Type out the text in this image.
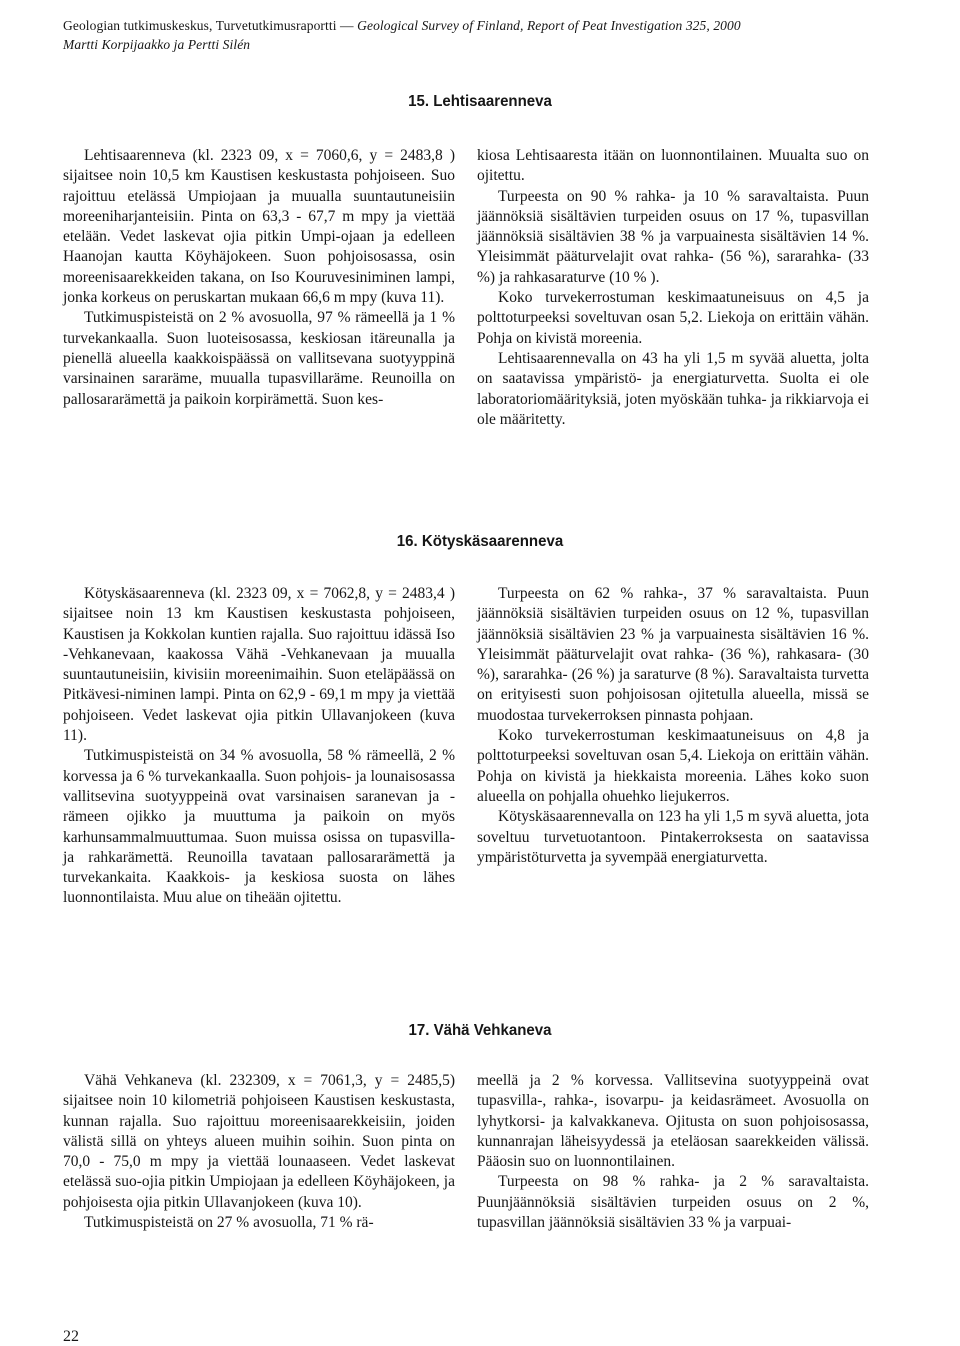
Geologian tutkimuskeskus, Turvetutkimusraportti — Geological Survey of Finland, Report of Peat Investigation 325, 2000
Martti Korpijaakko ja Pertti Silén
15. Lehtisaarenneva

Lehtisaarenneva (kl. 2323 09, x = 7060,6, y = 2483,8 ) sijaitsee noin 10,5 km Kaustisen keskustasta pohjoiseen. Suo rajoittuu etelässä Umpiojaan ja muualla suuntautuneisiin moreeniharjanteisiin. Pinta on 63,3 - 67,7 m mpy ja viettää etelään. Vedet laskevat ojia pitkin Umpi-ojaan ja edelleen Haanojan kautta Köyhäjokeen. Suon pohjoisosassa, osin moreenisaarekkeiden takana, on Iso Kouruvesiniminen lampi, jonka korkeus on peruskartan mukaan 66,6 m mpy (kuva 11).

Tutkimuspisteistä on 2 % avosuolla, 97 % rämeellä ja 1 % turvekankaalla. Suon luoteisosassa, keskiosan itäreunalla ja pienellä alueella kaakkoispäässä on vallitsevana suotyyppinä varsinainen sararäme, muualla tupasvillaräme. Reunoilla on pallosararämettä ja paikoin korpirämettä. Suon kes-

kiosa Lehtisaaresta itään on luonnontilainen. Muualta suo on ojitettu.

Turpeesta on 90 % rahka- ja 10 % saravaltaista. Puun jäännöksiä sisältävien turpeiden osuus on 17 %, tupasvillan jäännöksiä sisältävien 38 % ja varpuainesta sisältävien 14 %. Yleisimmät pääturvelajit ovat rahka- (56 %), sararahka- (33 %) ja rahkasaraturve (10 % ).

Koko turvekerrostuman keskimaatuneisuus on 4,5 ja polttoturpeeksi soveltuvan osan 5,2. Liekoja on erittäin vähän. Pohja on kivistä moreenia.

Lehtisaarennevalla on 43 ha yli 1,5 m syvää aluetta, jolta on saatavissa ympäristö- ja energiaturvetta. Suolta ei ole laboratoriomäärityksiä, joten myöskään tuhka- ja rikkiarvoja ei ole määritetty.

16. Kötyskäsaarenneva

Kötyskäsaarenneva (kl. 2323 09, x = 7062,8, y = 2483,4 ) sijaitsee noin 13 km Kaustisen keskustasta pohjoiseen, Kaustisen ja Kokkolan kuntien rajalla. Suo rajoittuu idässä Iso -Vehkanevaan, kaakossa Vähä -Vehkanevaan ja muualla suuntautuneisiin, kivisiin moreenimaihin. Suon eteläpäässä on Pitkävesi-niminen lampi. Pinta on 62,9 - 69,1 m mpy ja viettää pohjoiseen. Vedet laskevat ojia pitkin Ullavanjokeen (kuva 11).

Tutkimuspisteistä on 34 % avosuolla, 58 % rämeellä, 2 % korvessa ja 6 % turvekankaalla. Suon pohjois- ja lounaisosassa vallitsevina suotyyppeinä ovat varsinaisen saranevan ja -rämeen ojikko ja muuttuma ja paikoin on myös karhunsammalmuuttumaa. Suon muissa osissa on tupasvilla- ja rahkarämettä. Reunoilla tavataan pallosararämettä ja turvekankaita. Kaakkois- ja keskiosa suosta on lähes luonnontilaista. Muu alue on tiheään ojitettu.

Turpeesta on 62 % rahka-, 37 % saravaltaista. Puun jäännöksiä sisältävien turpeiden osuus on 12 %, tupasvillan jäännöksiä sisältävien 23 % ja varpuainesta sisältävien 16 %. Yleisimmät pääturvelajit ovat rahka- (36 %), rahkasara- (30 %), sararahka- (26 %) ja saraturve (8 %). Saravaltaista turvetta on erityisesti suon pohjoisosan ojitetulla alueella, missä se muodostaa turvekerroksen pinnasta pohjaan.

Koko turvekerrostuman keskimaatuneisuus on 4,8 ja polttoturpeeksi soveltuvan osan 5,4. Liekoja on erittäin vähän. Pohja on kivistä ja hiekkaista moreenia. Lähes koko suon alueella on pohjalla ohuehko liejukerros.

Kötyskäsaarennevalla on 123 ha yli 1,5 m syvä aluetta, jota soveltuu turvetuotantoon. Pintakerroksesta on saatavissa ympäristöturvetta ja syvempää energiaturvetta.

17. Vähä Vehkaneva

Vähä Vehkaneva (kl. 232309, x = 7061,3, y = 2485,5) sijaitsee noin 10 kilometriä pohjoiseen Kaustisen keskustasta, kunnan rajalla. Suo rajoittuu moreenisaarekkeisiin, joiden välistä sillä on yhteys alueen muihin soihin. Suon pinta on 70,0 - 75,0 m mpy ja viettää lounaaseen. Vedet laskevat etelässä suo-ojia pitkin Umpiojaan ja edelleen Köyhäjokeen, ja pohjoisesta ojia pitkin Ullavanjokeen (kuva 10).

Tutkimuspisteistä on 27 % avosuolla, 71 % rä-

meellä ja 2 % korvessa. Vallitsevina suotyyppeinä ovat tupasvilla-, rahka-, isovarpu- ja keidasrämeet. Avosuolla on lyhytkorsi- ja kalvakkaneva. Ojitusta on suon pohjoisosassa, kunnanrajan läheisyydessä ja eteläosan saarekkeiden välissä. Pääosin suo on luonnontilainen.

Turpeesta on 98 % rahka- ja 2 % saravaltaista. Puunjäännöksiä sisältävien turpeiden osuus on 2 %, tupasvillan jäännöksiä sisältävien 33 % ja varpuai-

22
